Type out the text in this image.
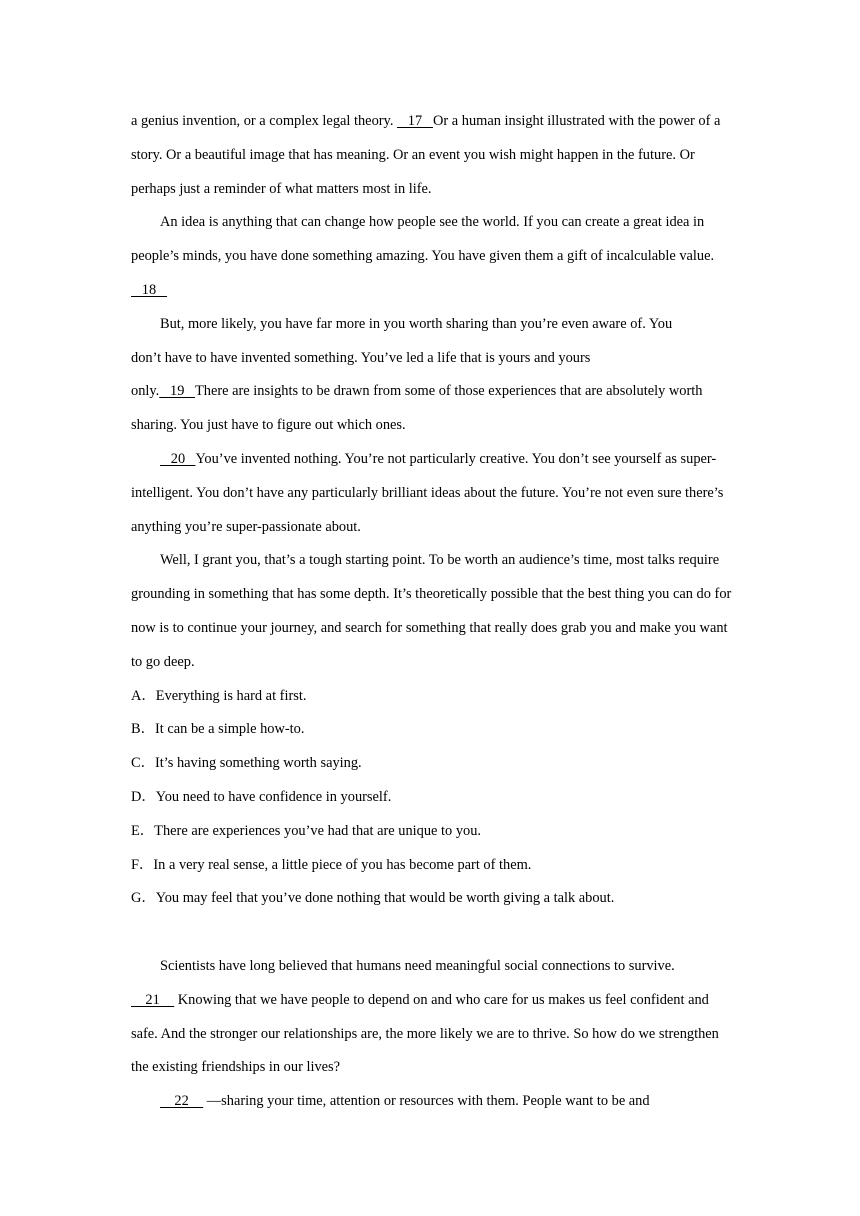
a genius invention, or a complex legal theory.    17   Or a human insight illustrated with the power of a story. Or a beautiful image that has meaning. Or an event you wish might happen in the future. Or perhaps just a reminder of what matters most in life.

An idea is anything that can change how people see the world. If you can create a great idea in people’s minds, you have done something amazing. You have given them a gift of incalculable value.   18

But, more likely, you have far more in you worth sharing than you’re even aware of. You
don’t have to have invented something. You’ve led a life that is yours and yours
only.   19   There are insights to be drawn from some of those experiences that are absolutely worth sharing. You just have to figure out which ones.

20   You’ve invented nothing. You’re not particularly creative. You don’t see yourself as super-intelligent. You don’t have any particularly brilliant ideas about the future. You’re not even sure there’s anything you’re super-passionate about.

Well, I grant you, that’s a tough starting point. To be worth an audience’s time, most talks require grounding in something that has some depth. It’s theoretically possible that the best thing you can do for now is to continue your journey, and search for something that really does grab you and make you want to go deep.

A．Everything is hard at first.

B．It can be a simple how-to.

C．It’s having something worth saying.

D．You need to have confidence in yourself.

E．There are experiences you’ve had that are unique to you.

F．In a very real sense, a little piece of you has become part of them.

G．You may feel that you’ve done nothing that would be worth giving a talk about.

Scientists have long believed that humans need meaningful social connections to survive.
21     Knowing that we have people to depend on and who care for us makes us feel confident and safe. And the stronger our relationships are, the more likely we are to thrive. So how do we strengthen the existing friendships in our lives?

22     —sharing your time, attention or resources with them. People want to be and
